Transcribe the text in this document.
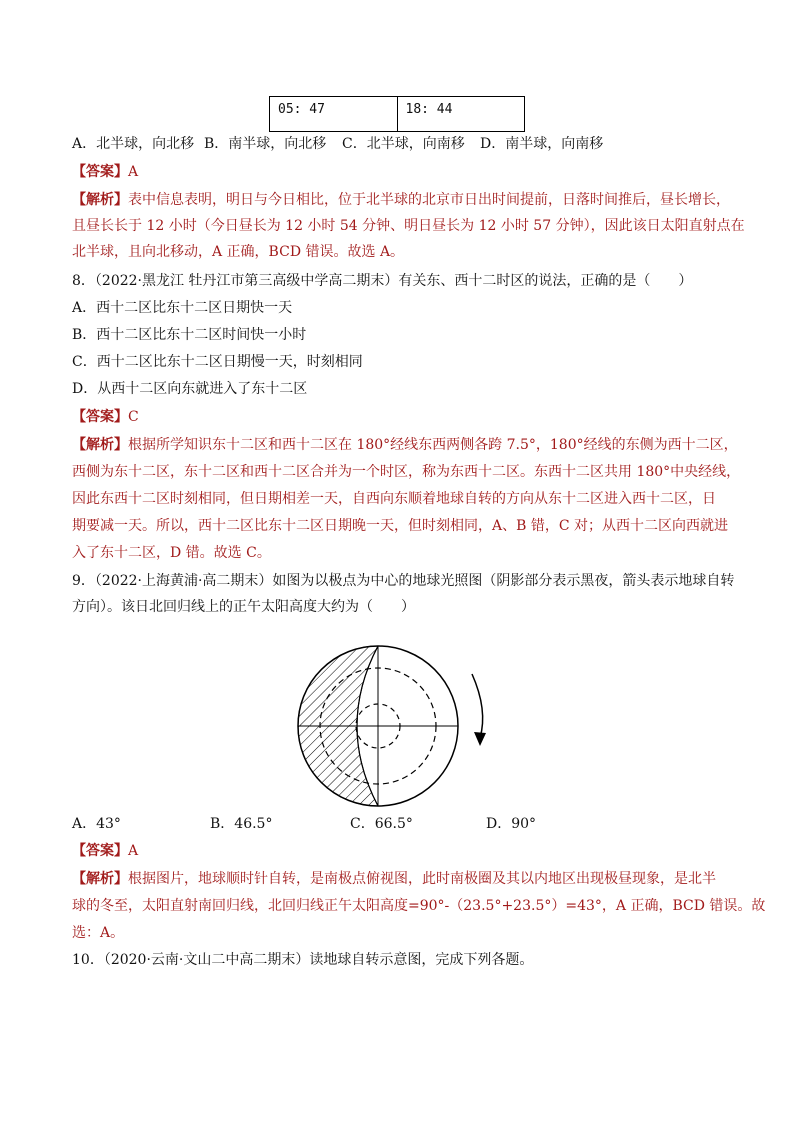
05: 47	18: 44
A．北半球，向北移 B．南半球，向北移 C．北半球，向南移 D．南半球，向南移
【答案】A
【解析】表中信息表明，明日与今日相比，位于北半球的北京市日出时间提前，日落时间推后，昼长增长，
且昼长长于 12 小时（今日昼长为 12 小时 54 分钟、明日昼长为 12 小时 57 分钟），因此该日太阳直射点在
北半球，且向北移动，A 正确，BCD 错误。故选 A。
8．（2022·黑龙江 牡丹江市第三高级中学高二期末）有关东、西十二时区的说法，正确的是（　　）
A．西十二区比东十二区日期快一天
B．西十二区比东十二区时间快一小时
C．西十二区比东十二区日期慢一天，时刻相同
D．从西十二区向东就进入了东十二区
【答案】C
【解析】根据所学知识东十二区和西十二区在 180°经线东西两侧各跨 7.5°，180°经线的东侧为西十二区，
西侧为东十二区，东十二区和西十二区合并为一个时区，称为东西十二区。东西十二区共用 180°中央经线，
因此东西十二区时刻相同，但日期相差一天，自西向东顺着地球自转的方向从东十二区进入西十二区，日
期要减一天。所以，西十二区比东十二区日期晚一天，但时刻相同，A、B 错，C 对；从西十二区向西就进
入了东十二区，D 错。故选 C。
9．（2022·上海黄浦·高二期末）如图为以极点为中心的地球光照图（阴影部分表示黑夜，箭头表示地球自转
方向）。该日北回归线上的正午太阳高度大约为（　　）
A．43°	B．46.5°	C．66.5°	D．90°
【答案】A
【解析】根据图片，地球顺时针自转，是南极点俯视图，此时南极圈及其以内地区出现极昼现象，是北半
球的冬至，太阳直射南回归线，北回归线正午太阳高度=90°-（23.5°+23.5°）=43°，A 正确，BCD 错误。故
选：A。
10．（2020·云南·文山二中高二期末）读地球自转示意图，完成下列各题。
